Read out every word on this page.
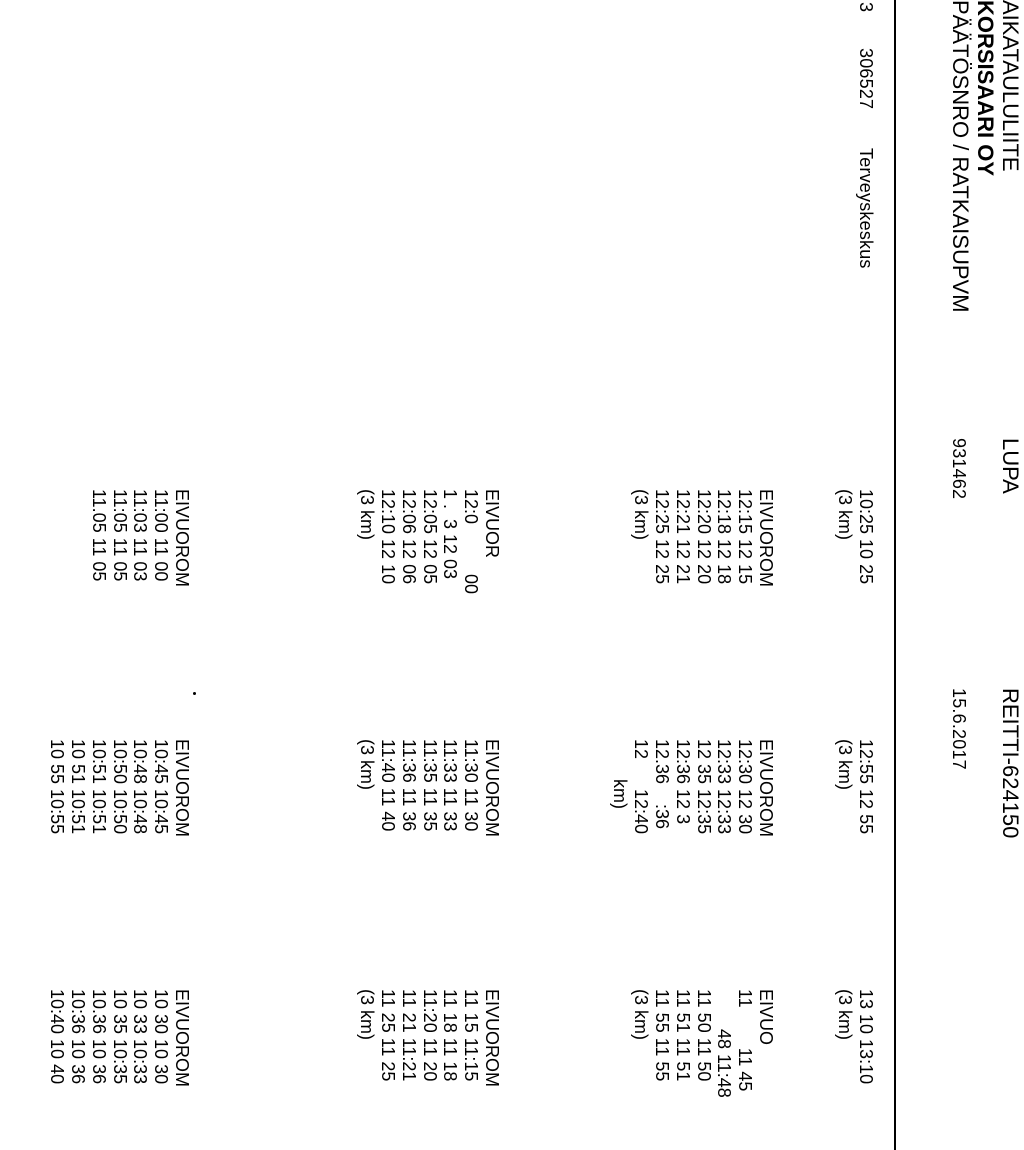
AIKATAULULIITE
KORSISAARI OY
PÄÄTÖSNRO / RATKAISUPVM
LUPA
931462
REITTI-624150
15.6.2017
3
306527
Terveyskeskus
10:25 10 25
(3 km)
12:55 12 55
(3 km)
13 10 13:10
(3 km)
EIVUOROM
12:15 12 15
12:18 12 18
12:20 12 20
12:21 12 21
12:25 12 25
(3 km)
EIVUOROM
12:30 12 30
12:33 12:33
12 35 12:35
12:36 12 3
12.36    :36
12      12:40
km)
EIVUO
11        11 45
48 11:48
11 50 11 50
11 51 11 51
11 55 11 55
(3 km)
EIVUOR
12:0          00
1 .  3 12 03
12:05 12 05
12:06 12 06
12:10 12 10
(3 km)
EIVUOROM
11:30 11 30
11:33 11 33
11:35 11 35
11:36 11 36
11:40 11 40
(3 km)
EIVUOROM
11 15 11:15
11 18 11 18
11:20 11 20
11 21 11:21
11 25 11 25
(3 km)
EIVUOROM
11:00 11 00
11:03 11 03
11:05 11 05
11.05 11 05
EIVUOROM
10:45 10:45
10:48 10:48
10:50 10:50
10:51 10:51
10 51 10:51
10 55 10:55
EIVUOROM
10 30 10 30
10 33 10:33
10 35 10:35
10.36 10 36
10:36 10 36
10:40 10 40
